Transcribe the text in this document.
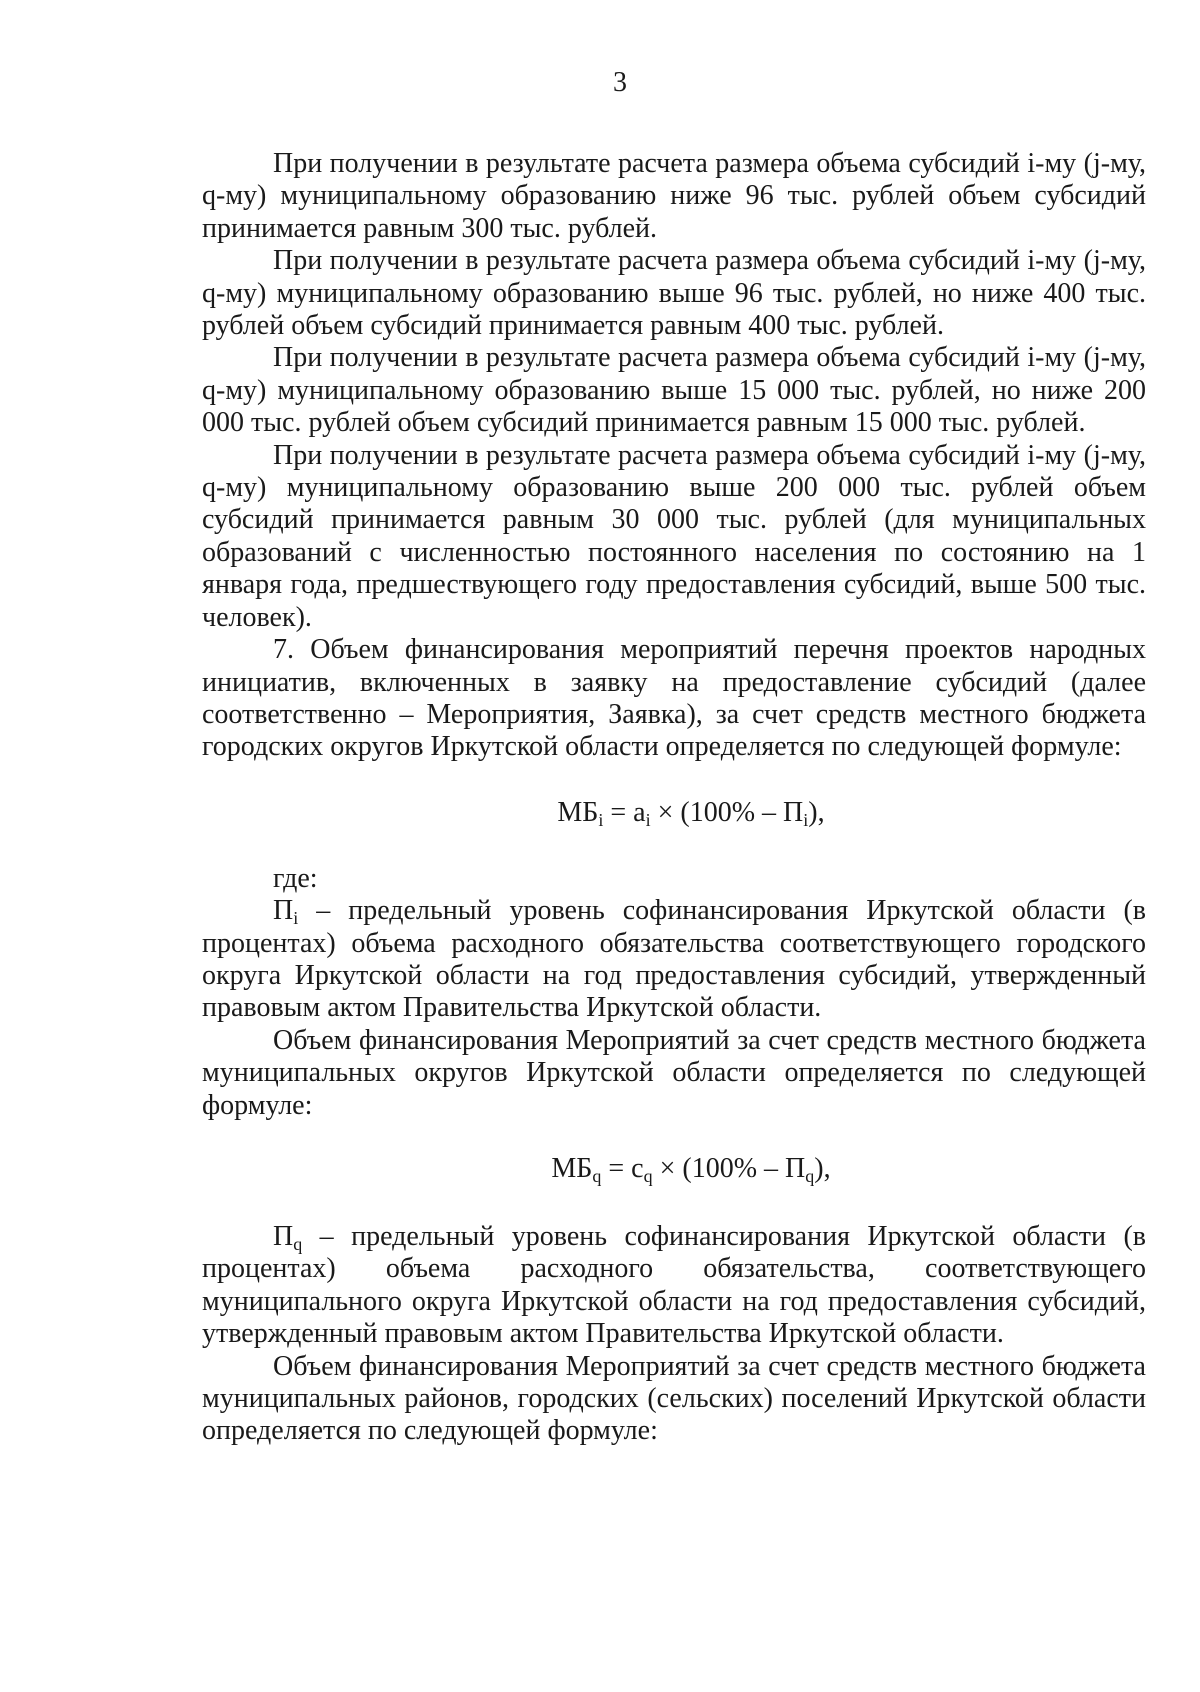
3

При получении в результате расчета размера объема субсидий i-му (j-му, q-му) муниципальному образованию ниже 96 тыс. рублей объем субсидий принимается равным 300 тыс. рублей.

При получении в результате расчета размера объема субсидий i-му (j-му, q-му) муниципальному образованию выше 96 тыс. рублей, но ниже 400 тыс. рублей объем субсидий принимается равным 400 тыс. рублей.

При получении в результате расчета размера объема субсидий i-му (j-му, q-му) муниципальному образованию выше 15 000 тыс. рублей, но ниже 200 000 тыс. рублей объем субсидий принимается равным 15 000 тыс. рублей.

При получении в результате расчета размера объема субсидий i-му (j-му, q-му) муниципальному образованию выше 200 000 тыс. рублей объем субсидий принимается равным 30 000 тыс. рублей (для муниципальных образований с численностью постоянного населения по состоянию на 1 января года, предшествующего году предоставления субсидий, выше 500 тыс. человек).

7. Объем финансирования мероприятий перечня проектов народных инициатив, включенных в заявку на предоставление субсидий (далее соответственно – Мероприятия, Заявка), за счет средств местного бюджета городских округов Иркутской области определяется по следующей формуле:

$МБ_i = a_i \times (100\% - П_i)$,

где:

$П_i$ – предельный уровень софинансирования Иркутской области (в процентах) объема расходного обязательства соответствующего городского округа Иркутской области на год предоставления субсидий, утвержденный правовым актом Правительства Иркутской области.

Объем финансирования Мероприятий за счет средств местного бюджета муниципальных округов Иркутской области определяется по следующей формуле:

$МБ_q = c_q \times (100\% - П_q)$,

$П_q$ – предельный уровень софинансирования Иркутской области (в процентах) объема расходного обязательства, соответствующего муниципального округа Иркутской области на год предоставления субсидий, утвержденный правовым актом Правительства Иркутской области.

Объем финансирования Мероприятий за счет средств местного бюджета муниципальных районов, городских (сельских) поселений Иркутской области определяется по следующей формуле:
